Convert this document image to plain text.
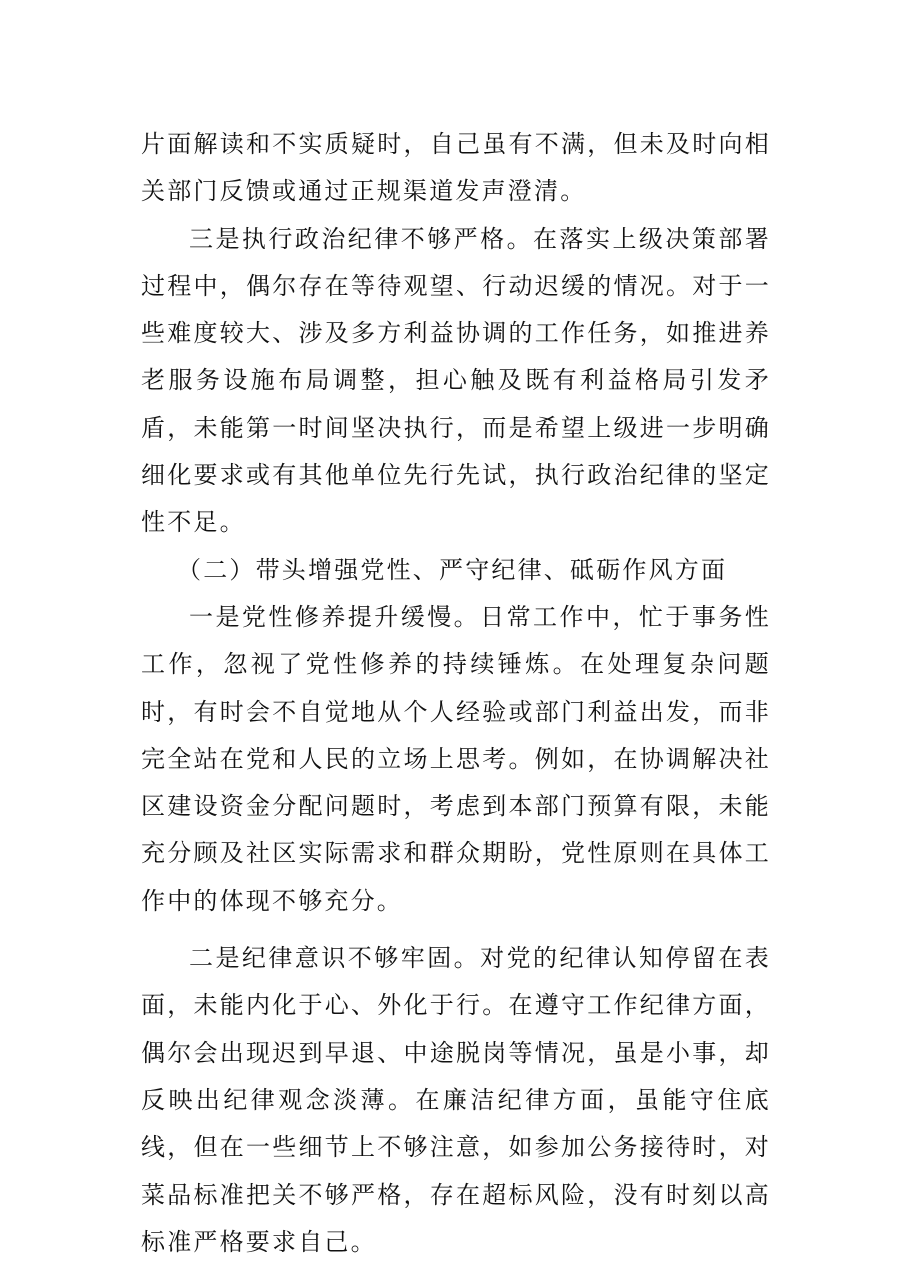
片面解读和不实质疑时，自己虽有不满，但未及时向相关部门反馈或通过正规渠道发声澄清。

三是执行政治纪律不够严格。在落实上级决策部署过程中，偶尔存在等待观望、行动迟缓的情况。对于一些难度较大、涉及多方利益协调的工作任务，如推进养老服务设施布局调整，担心触及既有利益格局引发矛盾，未能第一时间坚决执行，而是希望上级进一步明确细化要求或有其他单位先行先试，执行政治纪律的坚定性不足。

（二）带头增强党性、严守纪律、砥砺作风方面

一是党性修养提升缓慢。日常工作中，忙于事务性工作，忽视了党性修养的持续锤炼。在处理复杂问题时，有时会不自觉地从个人经验或部门利益出发，而非完全站在党和人民的立场上思考。例如，在协调解决社区建设资金分配问题时，考虑到本部门预算有限，未能充分顾及社区实际需求和群众期盼，党性原则在具体工作中的体现不够充分。

二是纪律意识不够牢固。对党的纪律认知停留在表面，未能内化于心、外化于行。在遵守工作纪律方面，偶尔会出现迟到早退、中途脱岗等情况，虽是小事，却反映出纪律观念淡薄。在廉洁纪律方面，虽能守住底线，但在一些细节上不够注意，如参加公务接待时，对菜品标准把关不够严格，存在超标风险，没有时刻以高标准严格要求自己。
